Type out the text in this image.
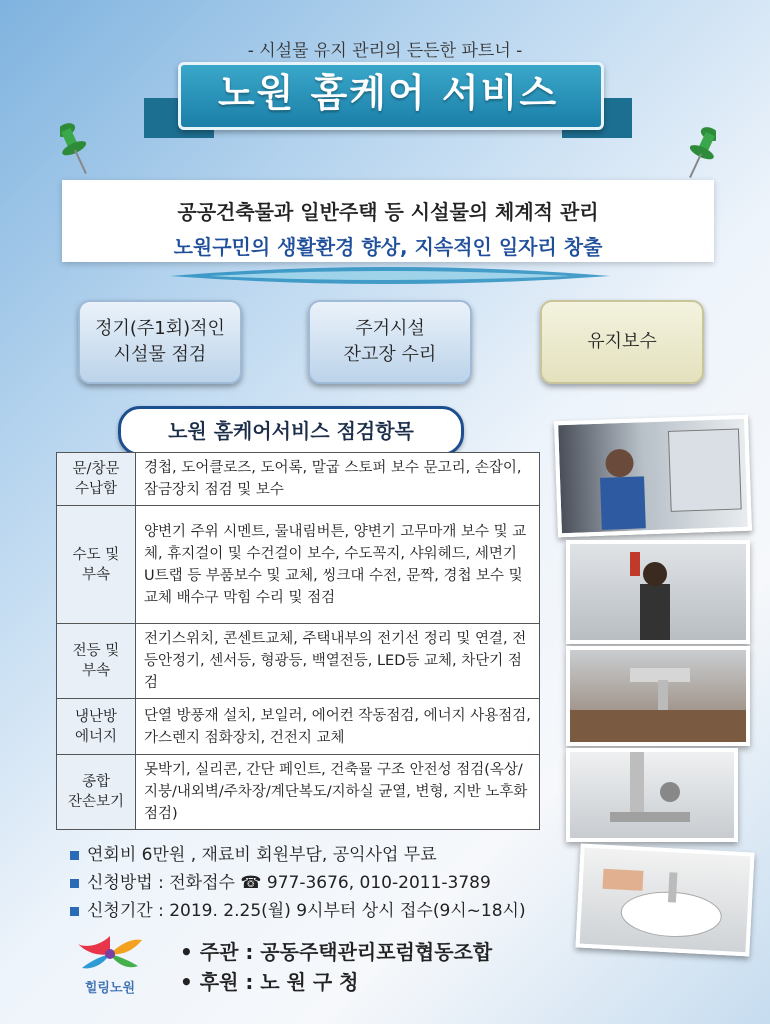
- 시설물 유지 관리의 든든한 파트너 -
노원 홈케어 서비스
공공건축물과 일반주택 등 시설물의 체계적 관리
노원구민의 생활환경 향상, 지속적인 일자리 창출
정기(주1회)적인
시설물 점검
주거시설
잔고장 수리
유지보수
노원 홈케어서비스 점검항목
문/창문
수납함	경첩, 도어클로즈, 도어록, 말굽 스토퍼 보수 문고리, 손잡이, 잠금장치 점검 및 보수

수도 및
부속	양변기 주위 시멘트, 물내림버튼, 양변기 고무마개 보수 및 교체, 휴지걸이 및 수건걸이 보수, 수도꼭지, 샤워헤드, 세면기 U트랩 등 부품보수 및 교체, 씽크대 수전, 문짝, 경첩 보수 및 교체 배수구 막힘 수리 및 점검

전등 및
부속	전기스위치, 콘센트교체, 주택내부의 전기선 정리 및 연결, 전등안정기, 센서등, 형광등, 백열전등, LED등 교체, 차단기 점검

냉난방
에너지	단열 방풍재 설치, 보일러, 에어컨 작동점검, 에너지 사용점검, 가스렌지 점화장치, 건전지 교체

종합
잔손보기	못박기, 실리콘, 간단 페인트, 건축물 구조 안전성 점검(옥상/지붕/내외벽/주차장/계단복도/지하실 균열, 변형, 지반 노후화 점검)
연회비 6만원 , 재료비 회원부담, 공익사업 무료
신청방법 : 전화접수 ☎ 977-3676, 010-2011-3789
신청기간 : 2019. 2.25(월) 9시부터 상시 접수(9시~18시)
힐링노원
• 주관 : 공동주택관리포럼협동조합
• 후원 : 노 원 구 청
